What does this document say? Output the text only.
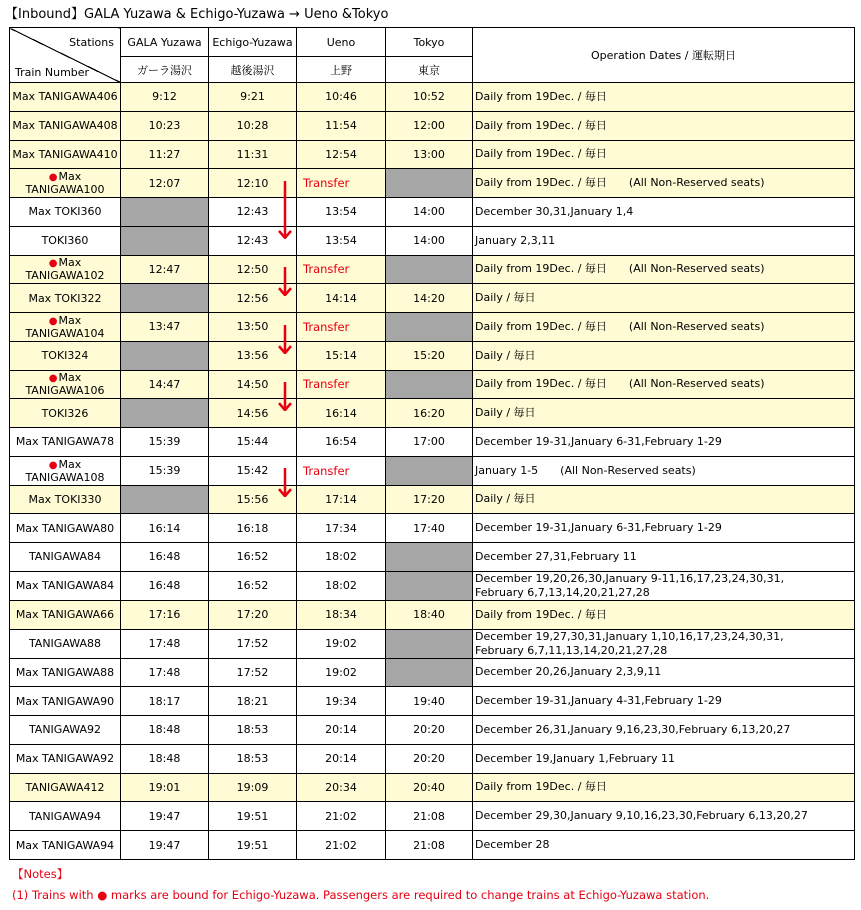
【Inbound】GALA Yuzawa & Echigo-Yuzawa → Ueno &Tokyo
Stations
Train Number	GALA Yuzawa	Echigo-Yuzawa	Ueno	Tokyo	Operation Dates / 運転期日
	ガーラ湯沢	越後湯沢	上野	東京	
Max TANIGAWA406	9:12	9:21	10:46	10:52	Daily from 19Dec. / 毎日
Max TANIGAWA408	10:23	10:28	11:54	12:00	Daily from 19Dec. / 毎日
Max TANIGAWA410	11:27	11:31	12:54	13:00	Daily from 19Dec. / 毎日
●Max TANIGAWA100	12:07	12:10	Transfer		Daily from 19Dec. / 毎日 (All Non-Reserved seats)
Max TOKI360		12:43	13:54	14:00	December 30,31,January 1,4
TOKI360		12:43	13:54	14:00	January 2,3,11
●Max TANIGAWA102	12:47	12:50	Transfer		Daily from 19Dec. / 毎日 (All Non-Reserved seats)
Max TOKI322		12:56	14:14	14:20	Daily / 毎日
●Max TANIGAWA104	13:47	13:50	Transfer		Daily from 19Dec. / 毎日 (All Non-Reserved seats)
TOKI324		13:56	15:14	15:20	Daily / 毎日
●Max TANIGAWA106	14:47	14:50	Transfer		Daily from 19Dec. / 毎日 (All Non-Reserved seats)
TOKI326		14:56	16:14	16:20	Daily / 毎日
Max TANIGAWA78	15:39	15:44	16:54	17:00	December 19-31,January 6-31,February 1-29
●Max TANIGAWA108	15:39	15:42	Transfer		January 1-5 (All Non-Reserved seats)
Max TOKI330		15:56	17:14	17:20	Daily / 毎日
Max TANIGAWA80	16:14	16:18	17:34	17:40	December 19-31,January 6-31,February 1-29
TANIGAWA84	16:48	16:52	18:02		December 27,31,February 11
Max TANIGAWA84	16:48	16:52	18:02		December 19,20,26,30,January 9-11,16,17,23,24,30,31,
February 6,7,13,14,20,21,27,28
Max TANIGAWA66	17:16	17:20	18:34	18:40	Daily from 19Dec. / 毎日
TANIGAWA88	17:48	17:52	19:02		December 19,27,30,31,January 1,10,16,17,23,24,30,31,
February 6,7,11,13,14,20,21,27,28
Max TANIGAWA88	17:48	17:52	19:02		December 20,26,January 2,3,9,11
Max TANIGAWA90	18:17	18:21	19:34	19:40	December 19-31,January 4-31,February 1-29
TANIGAWA92	18:48	18:53	20:14	20:20	December 26,31,January 9,16,23,30,February 6,13,20,27
Max TANIGAWA92	18:48	18:53	20:14	20:20	December 19,January 1,February 11
TANIGAWA412	19:01	19:09	20:34	20:40	Daily from 19Dec. / 毎日
TANIGAWA94	19:47	19:51	21:02	21:08	December 29,30,January 9,10,16,23,30,February 6,13,20,27
Max TANIGAWA94	19:47	19:51	21:02	21:08	December 28
【Notes】
(1) Trains with ● marks are bound for Echigo-Yuzawa. Passengers are required to change trains at Echigo-Yuzawa station.
